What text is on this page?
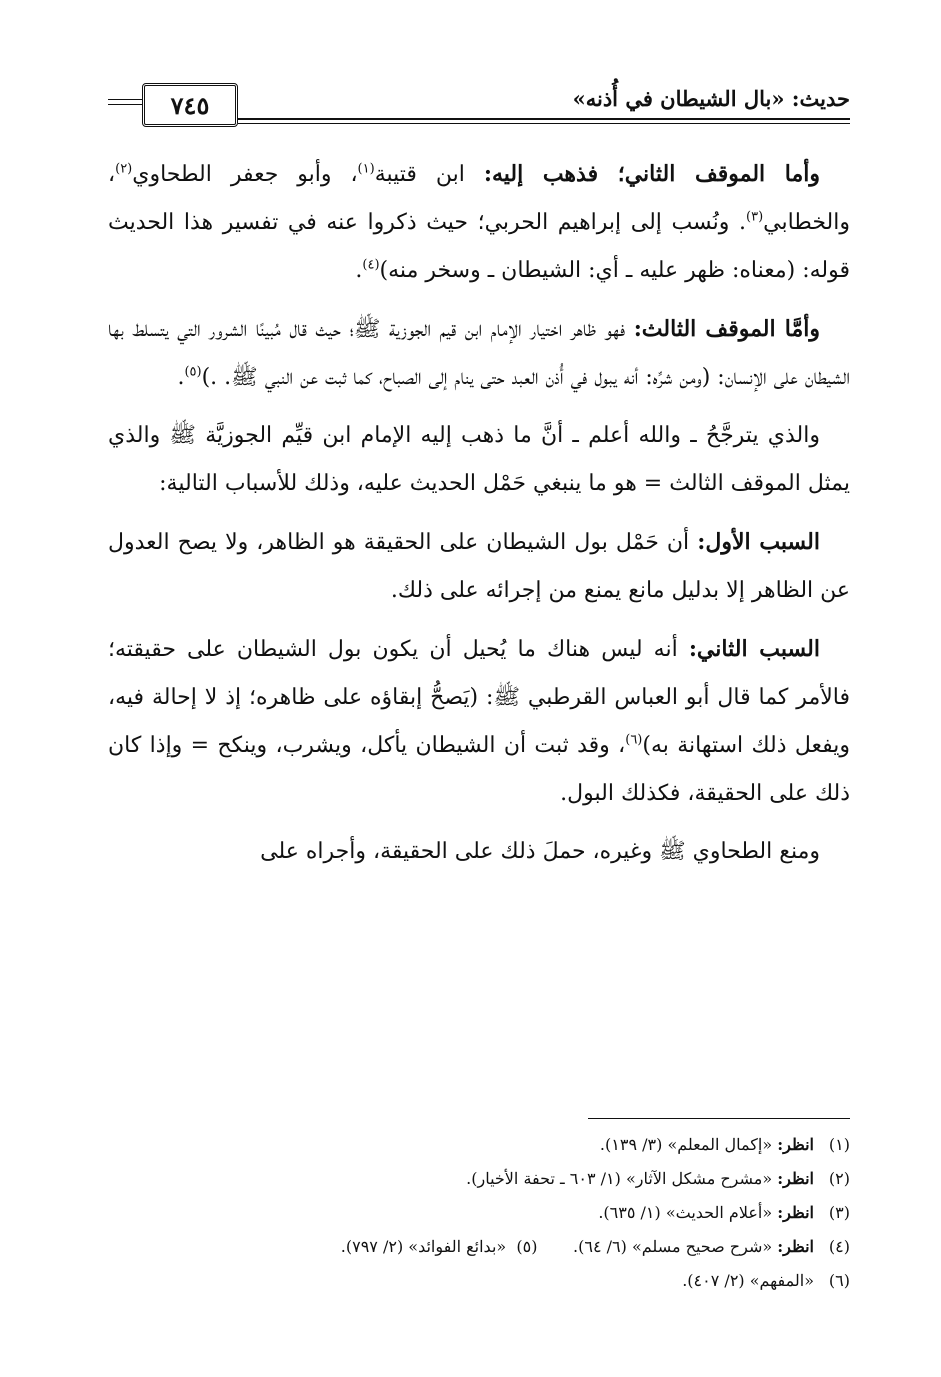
٧٤٥	حديث: «بال الشيطان في أُذنه»

وأما الموقف الثاني؛ فذهب إليه: ابن قتيبة$^{(١)}$، وأبو جعفر الطحاوي$^{(٢)}$، والخطابي$^{(٣)}$. ونُسب إلى إبراهيم الحربي؛ حيث ذكروا عنه في تفسير هذا الحديث قوله: (معناه: ظهر عليه ـ أي: الشيطان ـ وسخر منه)$^{(٤)}$.

وأمَّا الموقف الثالث: فهو ظاهر اختيار الإمام ابن قيم الجوزية ﷺ؛ حيث قال مُبينًا الشرور التي يتسلط بها الشيطان على الإنسان: (ومن شرِّه: أنه يبول في أُذن العبد حتى ينام إلى الصباح، كما ثبت عن النبي ﷺ. .)$^{(٥)}$.

والذي يترجَّحُ ـ والله أعلم ـ أنَّ ما ذهب إليه الإمام ابن قيِّم الجوزيَّة ﷺ والذي يمثل الموقف الثالث = هو ما ينبغي حَمْل الحديث عليه، وذلك للأسباب التالية:

السبب الأول: أن حَمْل بول الشيطان على الحقيقة هو الظاهر، ولا يصح العدول عن الظاهر إلا بدليل مانع يمنع من إجرائه على ذلك.

السبب الثاني: أنه ليس هناك ما يُحيل أن يكون بول الشيطان على حقيقته؛ فالأمر كما قال أبو العباس القرطبي ﷺ: (يَصحُّ إبقاؤه على ظاهره؛ إذ لا إحالة فيه، ويفعل ذلك استهانة به)$^{(٦)}$، وقد ثبت أن الشيطان يأكل، ويشرب، وينكح = وإذا كان ذلك على الحقيقة، فكذلك البول.

ومنع الطحاوي ﷺ وغيره، حملَ ذلك على الحقيقة، وأجراه على

(١)انظر: «إكمال المعلم» (٣/ ١٣٩).
(٢)انظر: «مشرح مشكل الآثار» (١/ ٦٠٣ ـ تحفة الأخيار).
(٣)انظر: «أعلام الحديث» (١/ ٦٣٥).
(٤)انظر: «شرح صحيح مسلم» (٦/ ٦٤).       (٥)  «بدائع الفوائد» (٢/ ٧٩٧).
(٦)«المفهم» (٢/ ٤٠٧).
